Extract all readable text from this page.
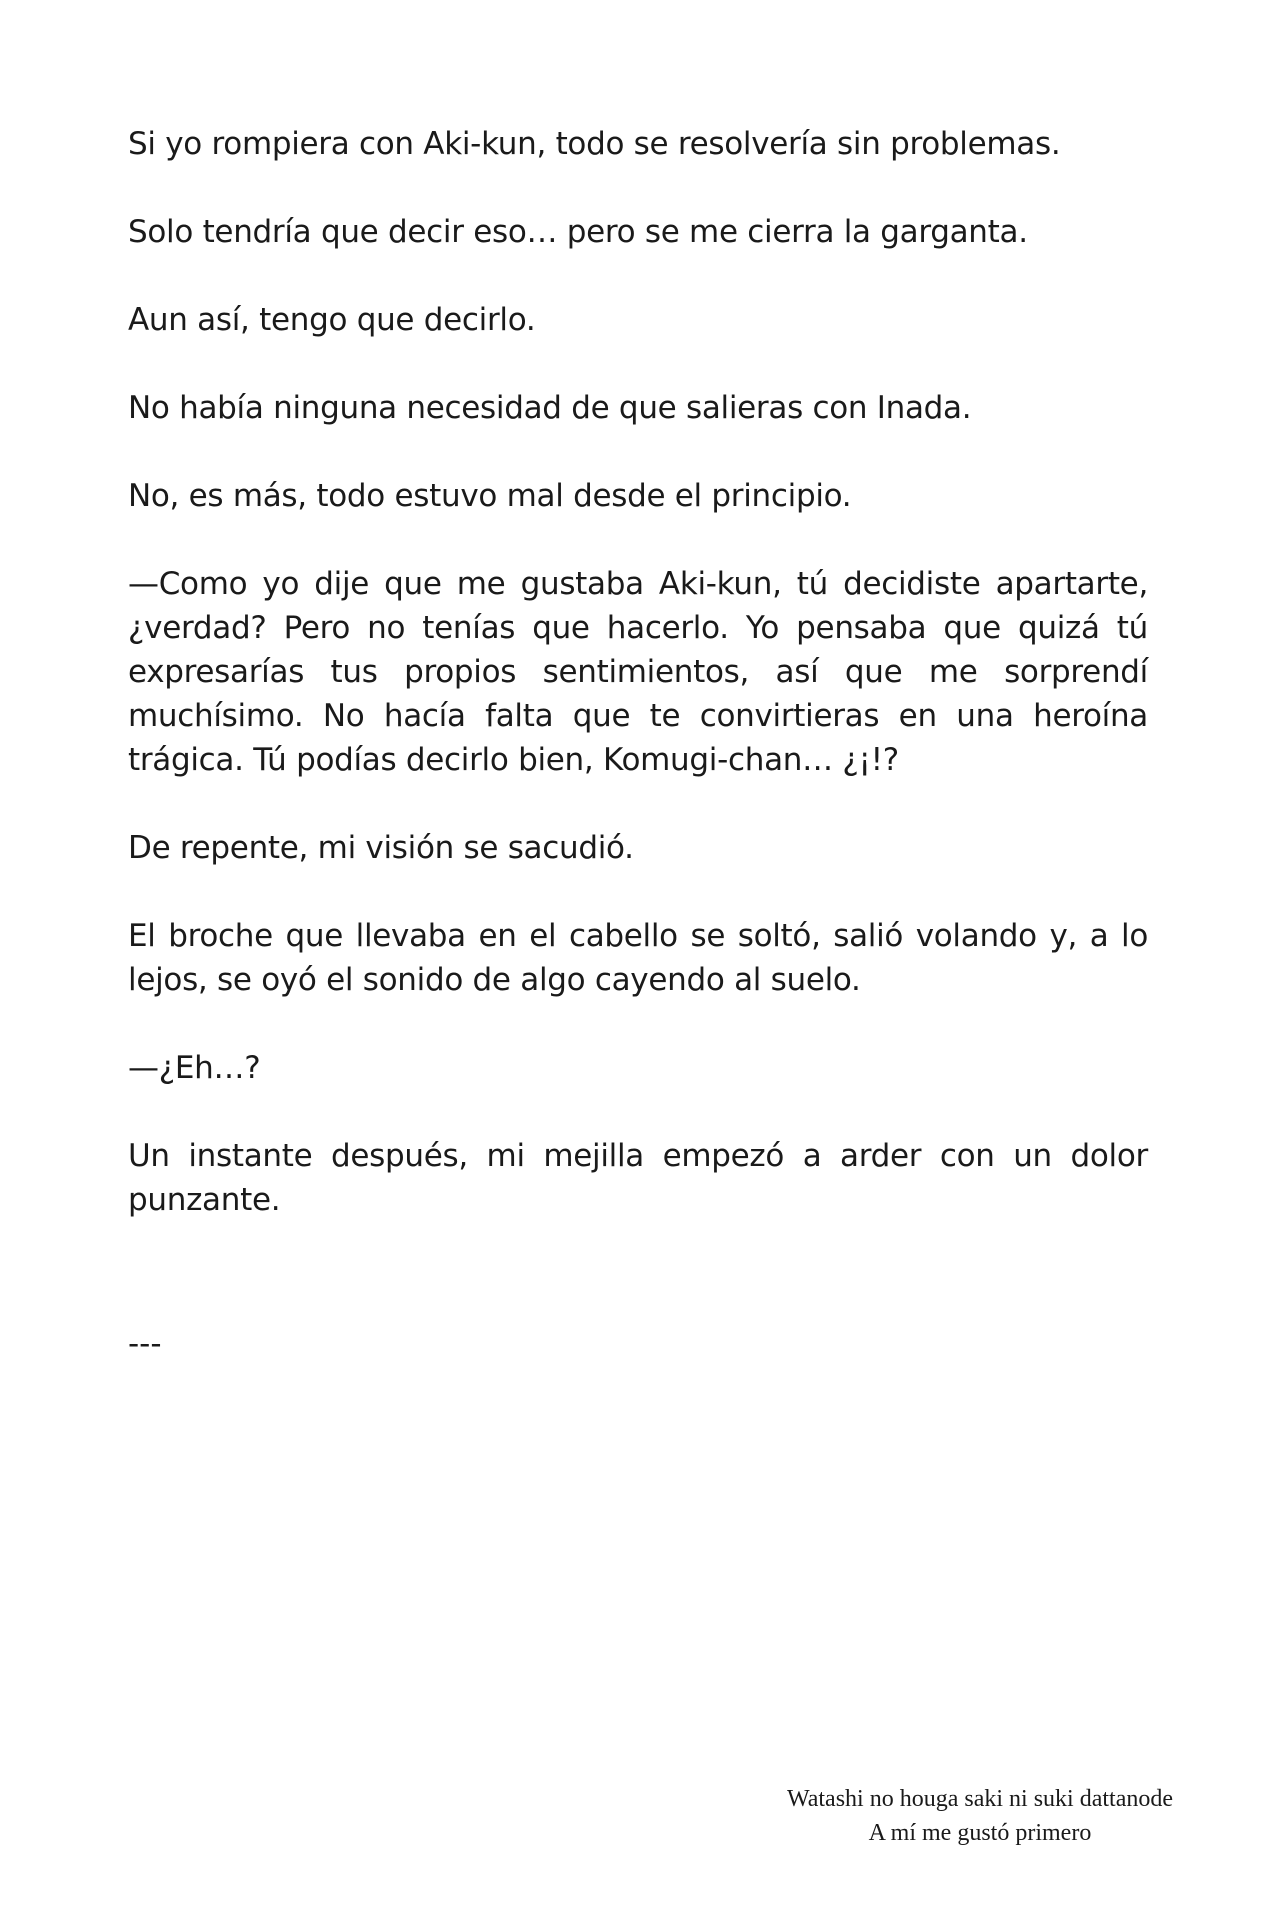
Si yo rompiera con Aki-kun, todo se resolvería sin problemas.

Solo tendría que decir eso… pero se me cierra la garganta.

Aun así, tengo que decirlo.

No había ninguna necesidad de que salieras con Inada.

No, es más, todo estuvo mal desde el principio.

—Como yo dije que me gustaba Aki-kun, tú decidiste apartarte, ¿verdad? Pero no tenías que hacerlo. Yo pensaba que quizá tú expresarías tus propios sentimientos, así que me sorprendí muchísimo. No hacía falta que te convirtieras en una heroína trágica. Tú podías decirlo bien, Komugi-chan… ¿¡!?

De repente, mi visión se sacudió.

El broche que llevaba en el cabello se soltó, salió volando y, a lo lejos, se oyó el sonido de algo cayendo al suelo.

—¿Eh…?

Un instante después, mi mejilla empezó a arder con un dolor punzante.

---
Watashi no houga saki ni suki dattanode
A mí me gustó primero
